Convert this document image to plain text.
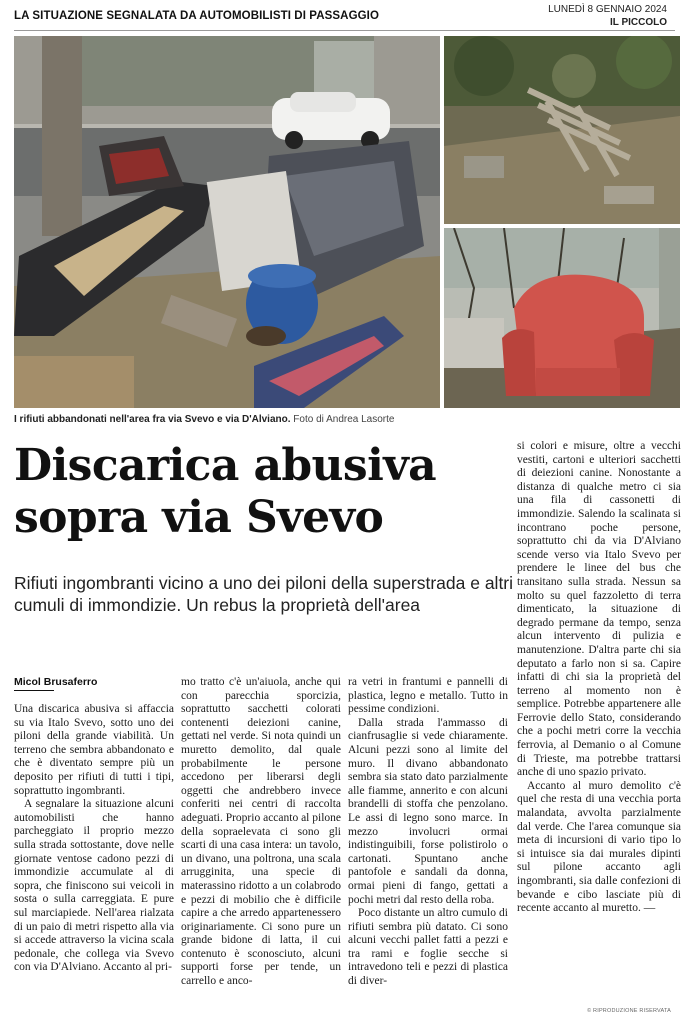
LA SITUAZIONE SEGNALATA DA AUTOMOBILISTI DI PASSAGGIO
LUNEDÌ 8 GENNAIO 2024
IL PICCOLO
I rifiuti abbandonati nell'area fra via Svevo e via D'Alviano. Foto di Andrea Lasorte
Discarica abusiva
sopra via Svevo
Rifiuti ingombranti vicino a uno dei piloni della superstrada e altri cumuli di immondizie. Un rebus la proprietà dell'area
Micol Brusaferro

Una discarica abusiva si affaccia su via Italo Svevo, sotto uno dei piloni della grande viabilità. Un terreno che sembra abbandonato e che è diventato sempre più un deposito per rifiuti di tutti i tipi, soprattutto ingombranti.

A segnalare la situazione alcuni automobilisti che hanno parcheggiato il proprio mezzo sulla strada sottostante, dove nelle giornate ventose cadono pezzi di immondizie accumulate al di sopra, che finiscono sui veicoli in sosta o sulla carreggiata. E pure sul marciapiede. Nell'area rialzata di un paio di metri rispetto alla via si accede attraverso la vicina scala pedonale, che collega via Svevo con via D'Alviano. Accanto al pri-

mo tratto c'è un'aiuola, anche qui con parecchia sporcizia, soprattutto sacchetti colorati contenenti deiezioni canine, gettati nel verde. Si nota quindi un muretto demolito, dal quale probabilmente le persone accedono per liberarsi degli oggetti che andrebbero invece conferiti nei centri di raccolta adeguati. Proprio accanto al pilone della sopraelevata ci sono gli scarti di una casa intera: un tavolo, un divano, una poltrona, una scala arrugginita, una specie di materassino ridotto a un colabrodo e pezzi di mobilio che è difficile capire a che arredo appartenessero originariamente. Ci sono pure un grande bidone di latta, il cui contenuto è sconosciuto, alcuni supporti forse per tende, un carrello e anco-

ra vetri in frantumi e pannelli di plastica, legno e metallo. Tutto in pessime condizioni.

Dalla strada l'ammasso di cianfrusaglie si vede chiaramente. Alcuni pezzi sono al limite del muro. Il divano abbandonato sembra sia stato dato parzialmente alle fiamme, annerito e con alcuni brandelli di stoffa che penzolano. Le assi di legno sono marce. In mezzo involucri ormai indistinguibili, forse polistirolo o cartonati. Spuntano anche pantofole e sandali da donna, ormai pieni di fango, gettati a pochi metri dal resto della roba.

Poco distante un altro cumulo di rifiuti sembra più datato. Ci sono alcuni vecchi pallet fatti a pezzi e tra rami e foglie secche si intravedono teli e pezzi di plastica di diver-

si colori e misure, oltre a vecchi vestiti, cartoni e ulteriori sacchetti di deiezioni canine. Nonostante a distanza di qualche metro ci sia una fila di cassonetti di immondizie. Salendo la scalinata si incontrano poche persone, soprattutto chi da via D'Alviano scende verso via Italo Svevo per prendere le linee del bus che transitano sulla strada. Nessun sa molto su quel fazzoletto di terra dimenticato, la situazione di degrado permane da tempo, senza alcun intervento di pulizia e manutenzione. D'altra parte chi sia deputato a farlo non si sa. Capire infatti di chi sia la proprietà del terreno al momento non è semplice. Potrebbe appartenere alle Ferrovie dello Stato, considerando che a pochi metri corre la vecchia ferrovia, al Demanio o al Comune di Trieste, ma potrebbe trattarsi anche di uno spazio privato.

Accanto al muro demolito c'è quel che resta di una vecchia porta malandata, avvolta parzialmente dal verde. Che l'area comunque sia meta di incursioni di vario tipo lo si intuisce sia dai murales dipinti sul pilone accanto agli ingombranti, sia dalle confezioni di bevande e cibo lasciate più di recente accanto al muretto. —

© RIPRODUZIONE RISERVATA
